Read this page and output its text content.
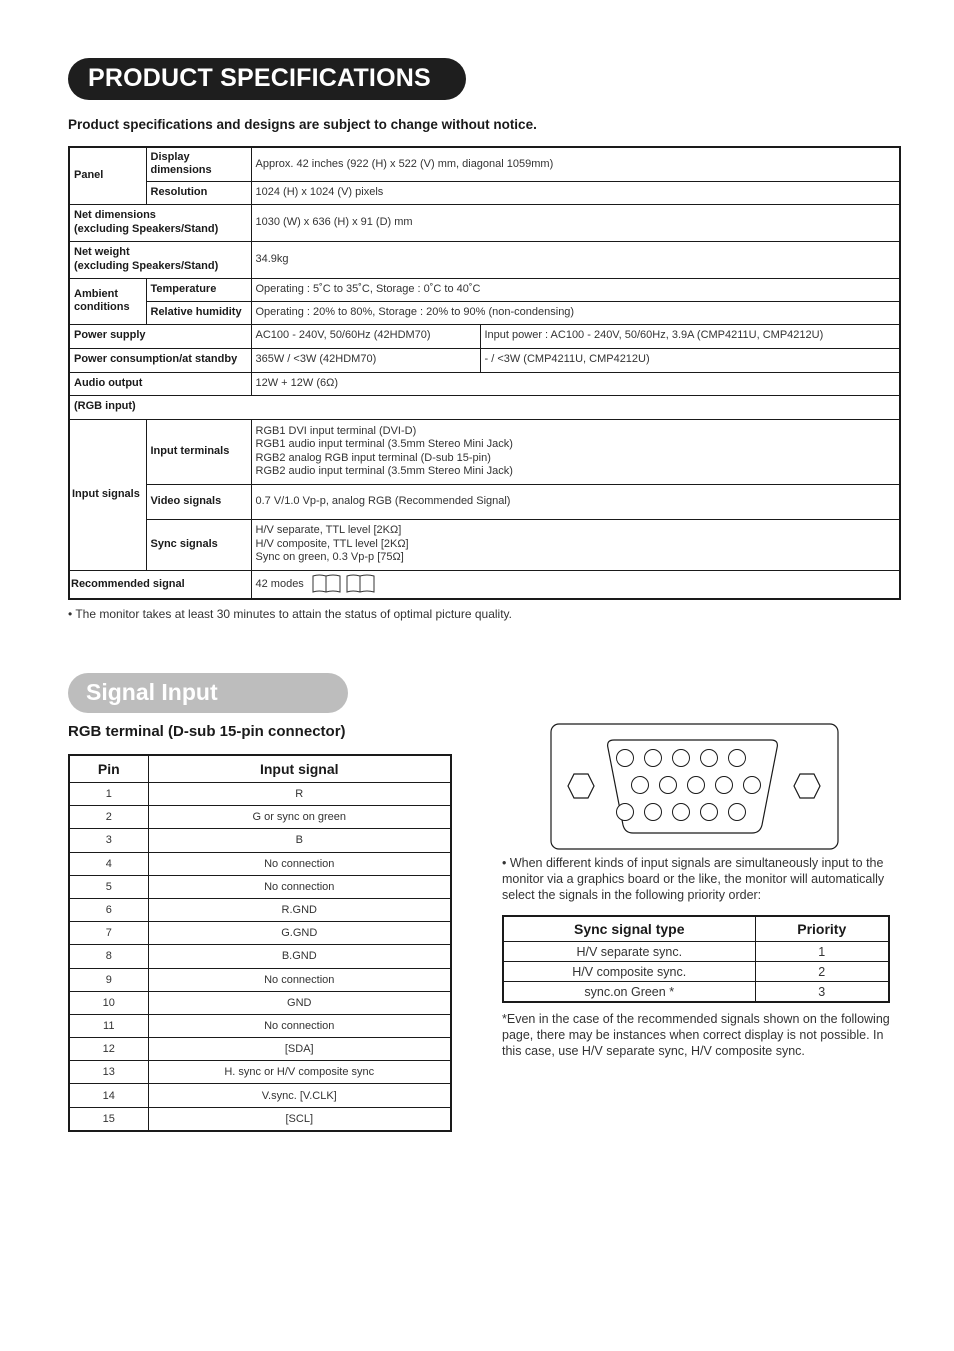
PRODUCT SPECIFICATIONS
Product specifications and designs are subject to change without notice.
Panel	Display dimensions	Approx. 42 inches (922 (H) x 522 (V) mm, diagonal 1059mm)	
	Resolution	1024 (H) x 1024 (V) pixels	
Net dimensions
(excluding Speakers/Stand)		1030 (W) x 636 (H) x 91 (D) mm	
Net weight
(excluding Speakers/Stand)		34.9kg	
Ambient conditions	Temperature	Operating : 5˚C to 35˚C, Storage : 0˚C to 40˚C	
	Relative humidity	Operating : 20% to 80%, Storage : 20% to 90% (non-condensing)	
Power supply		AC100 - 240V, 50/60Hz (42HDM70)	Input power : AC100 - 240V, 50/60Hz, 3.9A (CMP4211U, CMP4212U)
Power consumption/at standby		365W / <3W (42HDM70)	- / <3W (CMP4211U, CMP4212U)
Audio output		12W + 12W (6Ω)	
(RGB input)			
Input signals	Input terminals	RGB1 DVI input terminal (DVI-D)
RGB1 audio input terminal (3.5mm Stereo Mini Jack)
RGB2 analog RGB input terminal (D-sub 15-pin)
RGB2 audio input terminal (3.5mm Stereo Mini Jack)	
	Video signals	0.7 V/1.0 Vp-p, analog RGB (Recommended Signal)	
	Sync signals	H/V separate, TTL level [2KΩ]
H/V composite, TTL level [2KΩ]
Sync on green, 0.3 Vp-p [75Ω]	
Recommended signal		42 modes	
• The monitor takes at least 30 minutes to attain the status of optimal picture quality.
Signal Input
RGB terminal (D-sub 15-pin connector)
Pin	Input signal
1	R
2	G or sync on green
3	B
4	No connection
5	No connection
6	R.GND
7	G.GND
8	B.GND
9	No connection
10	GND
11	No connection
12	[SDA]
13	H. sync or H/V composite sync
14	V.sync. [V.CLK]
15	[SCL]
• When different kinds of input signals are simultaneously input to the monitor via a graphics board or the like, the monitor will automatically select the signals in the following priority order:
Sync signal type	Priority
H/V separate sync.	1
H/V composite sync.	2
sync.on Green *	3
*Even in the case of the recommended signals shown on the following page, there may be instances when correct display is not possible. In this case, use H/V separate sync, H/V composite sync.
